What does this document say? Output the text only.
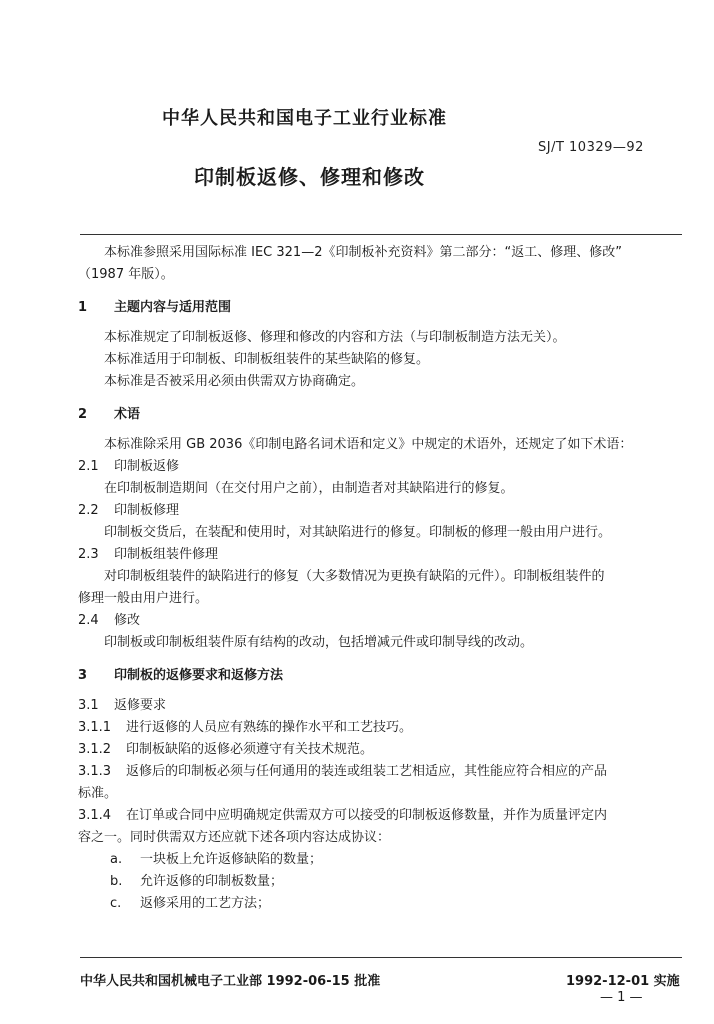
中华人民共和国电子工业行业标准
SJ/T 10329—92
印制板返修、修理和修改

本标准参照采用国际标准 IEC 321—2《印制板补充资料》第二部分：“返工、修理、修改”

（1987 年版）。

1 主题内容与适用范围

本标准规定了印制板返修、修理和修改的内容和方法（与印制板制造方法无关）。

本标准适用于印制板、印制板组装件的某些缺陷的修复。

本标准是否被采用必须由供需双方协商确定。

2 术语

本标准除采用 GB 2036《印制电路名词术语和定义》中规定的术语外，还规定了如下术语：

2.1 印制板返修

在印制板制造期间（在交付用户之前），由制造者对其缺陷进行的修复。

2.2 印制板修理

印制板交货后，在装配和使用时，对其缺陷进行的修复。印制板的修理一般由用户进行。

2.3 印制板组装件修理

对印制板组装件的缺陷进行的修复（大多数情况为更换有缺陷的元件）。印制板组装件的

修理一般由用户进行。

2.4 修改

印制板或印制板组装件原有结构的改动，包括增减元件或印制导线的改动。

3 印制板的返修要求和返修方法

3.1 返修要求

3.1.1 进行返修的人员应有熟练的操作水平和工艺技巧。

3.1.2 印制板缺陷的返修必须遵守有关技术规范。

3.1.3 返修后的印制板必须与任何通用的装连或组装工艺相适应，其性能应符合相应的产品

标准。

3.1.4 在订单或合同中应明确规定供需双方可以接受的印制板返修数量，并作为质量评定内

容之一。同时供需双方还应就下述各项内容达成协议：

a. 一块板上允许返修缺陷的数量；

b. 允许返修的印制板数量；

c. 返修采用的工艺方法；

中华人民共和国机械电子工业部 1992-06-15 批准	1992-12-01 实施
— 1 —
